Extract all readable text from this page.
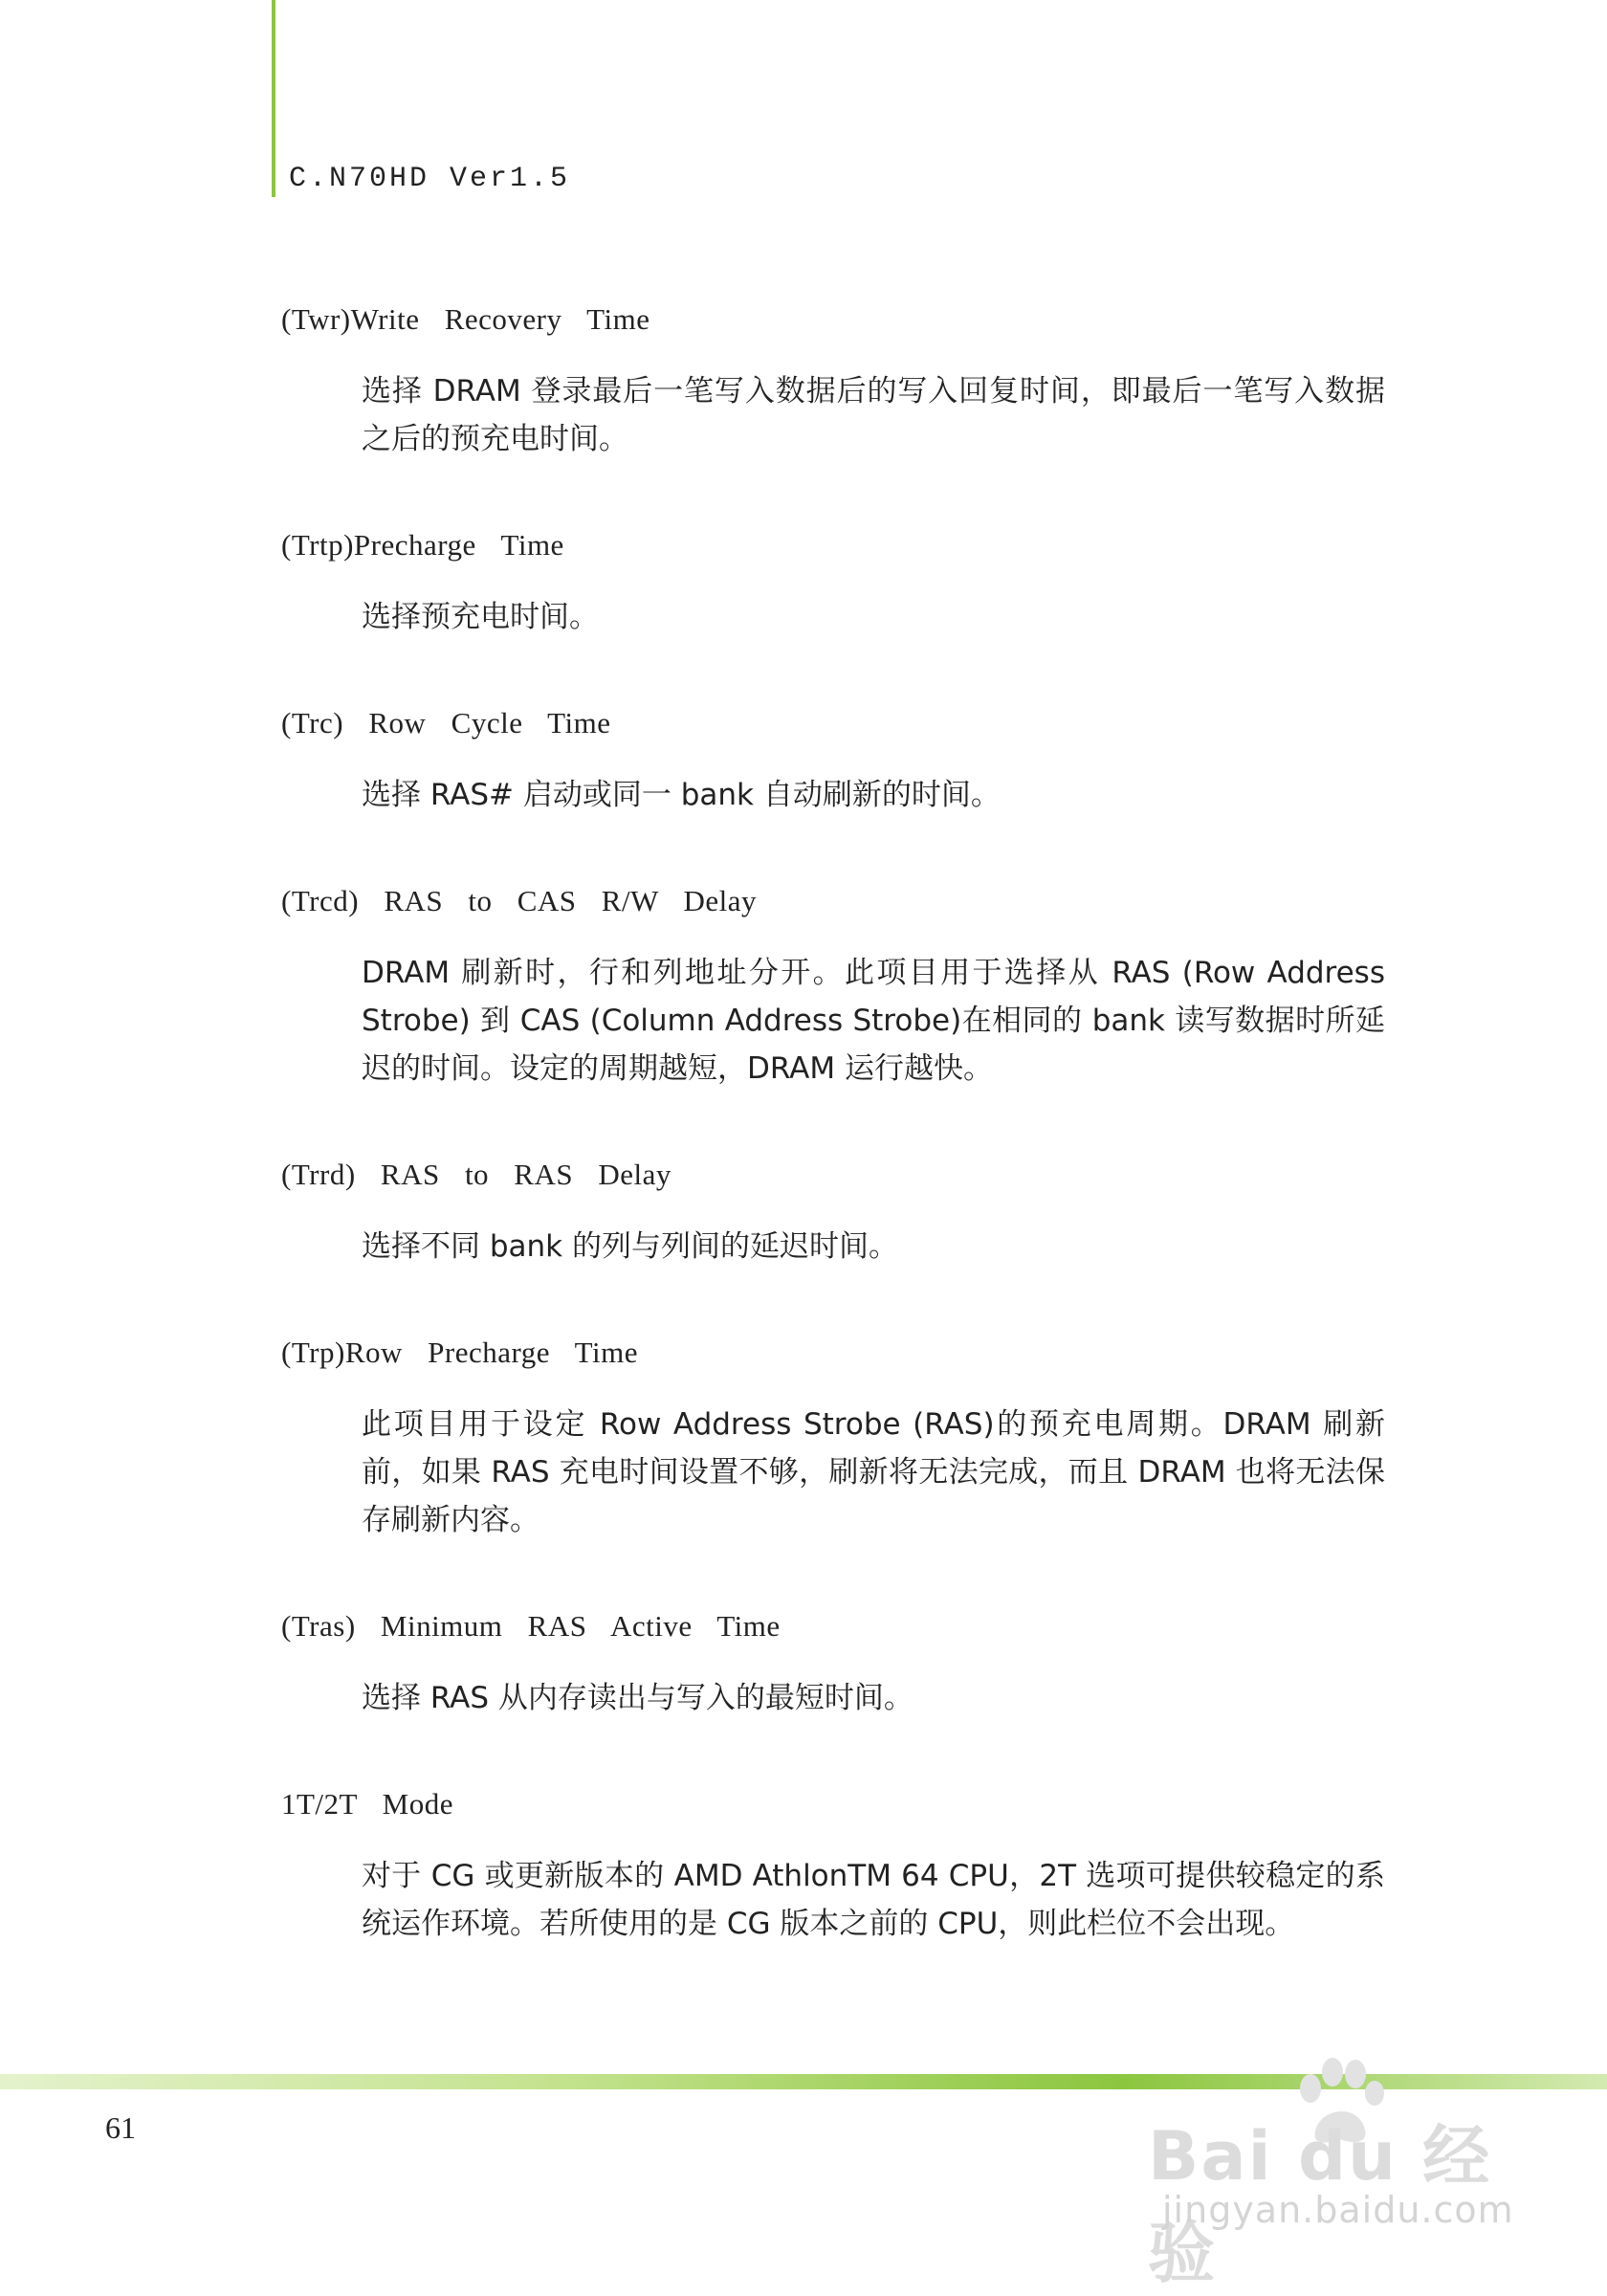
C.N70HD Ver1.5
(Twr)Write Recovery Time
选择 DRAM 登录最后一笔写入数据后的写入回复时间，即最后一笔写入数据之后的预充电时间。
(Trtp)Precharge Time
选择预充电时间。
(Trc) Row Cycle Time
选择 RAS# 启动或同一 bank 自动刷新的时间。
(Trcd) RAS to CAS R/W Delay
DRAM 刷新时，行和列地址分开。此项目用于选择从 RAS (Row Address Strobe) 到 CAS (Column Address Strobe)在相同的 bank 读写数据时所延迟的时间。设定的周期越短，DRAM 运行越快。
(Trrd) RAS to RAS Delay
选择不同 bank 的列与列间的延迟时间。
(Trp)Row Precharge Time
此项目用于设定 Row Address Strobe (RAS)的预充电周期。DRAM 刷新前，如果 RAS 充电时间设置不够，刷新将无法完成，而且 DRAM 也将无法保存刷新内容。
(Tras) Minimum RAS Active Time
选择 RAS 从内存读出与写入的最短时间。
1T/2T Mode
对于 CG 或更新版本的 AMD AthlonTM 64 CPU，2T 选项可提供较稳定的系统运作环境。若所使用的是 CG 版本之前的 CPU，则此栏位不会出现。
61	Bai du 经验
jingyan.baidu.com
